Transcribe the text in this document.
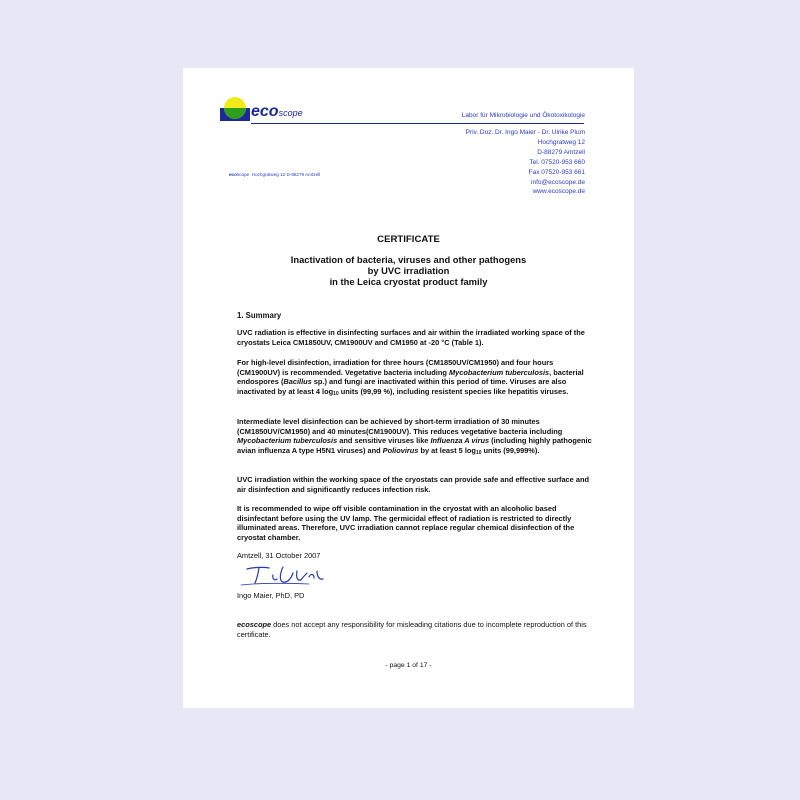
ecoscope	Labor für Mikrobiologie und Ökotoxikologie
Priv. Doz. Dr. Ingo Maier - Dr. Ulrike Plum
Hochgratweg 12
D-88279 Amtzell
Tel. 07520-953 660
Fax 07520-953 661
info@ecoscope.de
www.ecoscope.de
ecoscope Hochgratweg 12 D-88279 Amtzell
CERTIFICATE
Inactivation of bacteria, viruses and other pathogens
by UVC irradiation
in the Leica cryostat product family
1. Summary
UVC radiation is effective in disinfecting surfaces and air within the irradiated working space of the cryostats Leica CM1850UV, CM1900UV and CM1950 at -20 °C (Table 1).
For high-level disinfection, irradiation for three hours (CM1850UV/CM1950) and four hours (CM1900UV) is recommended. Vegetative bacteria including Mycobacterium tuberculosis, bacterial endospores (Bacillus sp.) and fungi are inactivated within this period of time. Viruses are also inactivated by at least 4 $\log_{10}$ units (99,99 %), including resistent species like hepatitis viruses.
Intermediate level disinfection can be achieved by short-term irradiation of 30 minutes (CM1850UV/CM1950) and 40 minutes(CM1900UV). This reduces vegetative bacteria including Mycobacterium tuberculosis and sensitive viruses like Influenza A virus (including highly pathogenic avian influenza A type H5N1 viruses) and Poliovirus by at least 5 $\log_{10}$ units (99,999%).
UVC irradiation within the working space of the cryostats can provide safe and effective surface and air disinfection and significantly reduces infection risk.
It is recommended to wipe off visible contamination in the cryostat with an alcoholic based disinfectant before using the UV lamp. The germicidal effect of radiation is restricted to directly illuminated areas. Therefore, UVC irradiation cannot replace regular chemical disinfection of the cryostat chamber.
Amtzell, 31 October 2007
Ingo Maier, PhD, PD
ecoscope does not accept any responsibility for misleading citations due to incomplete reproduction of this certificate.
- page 1 of 17 -
